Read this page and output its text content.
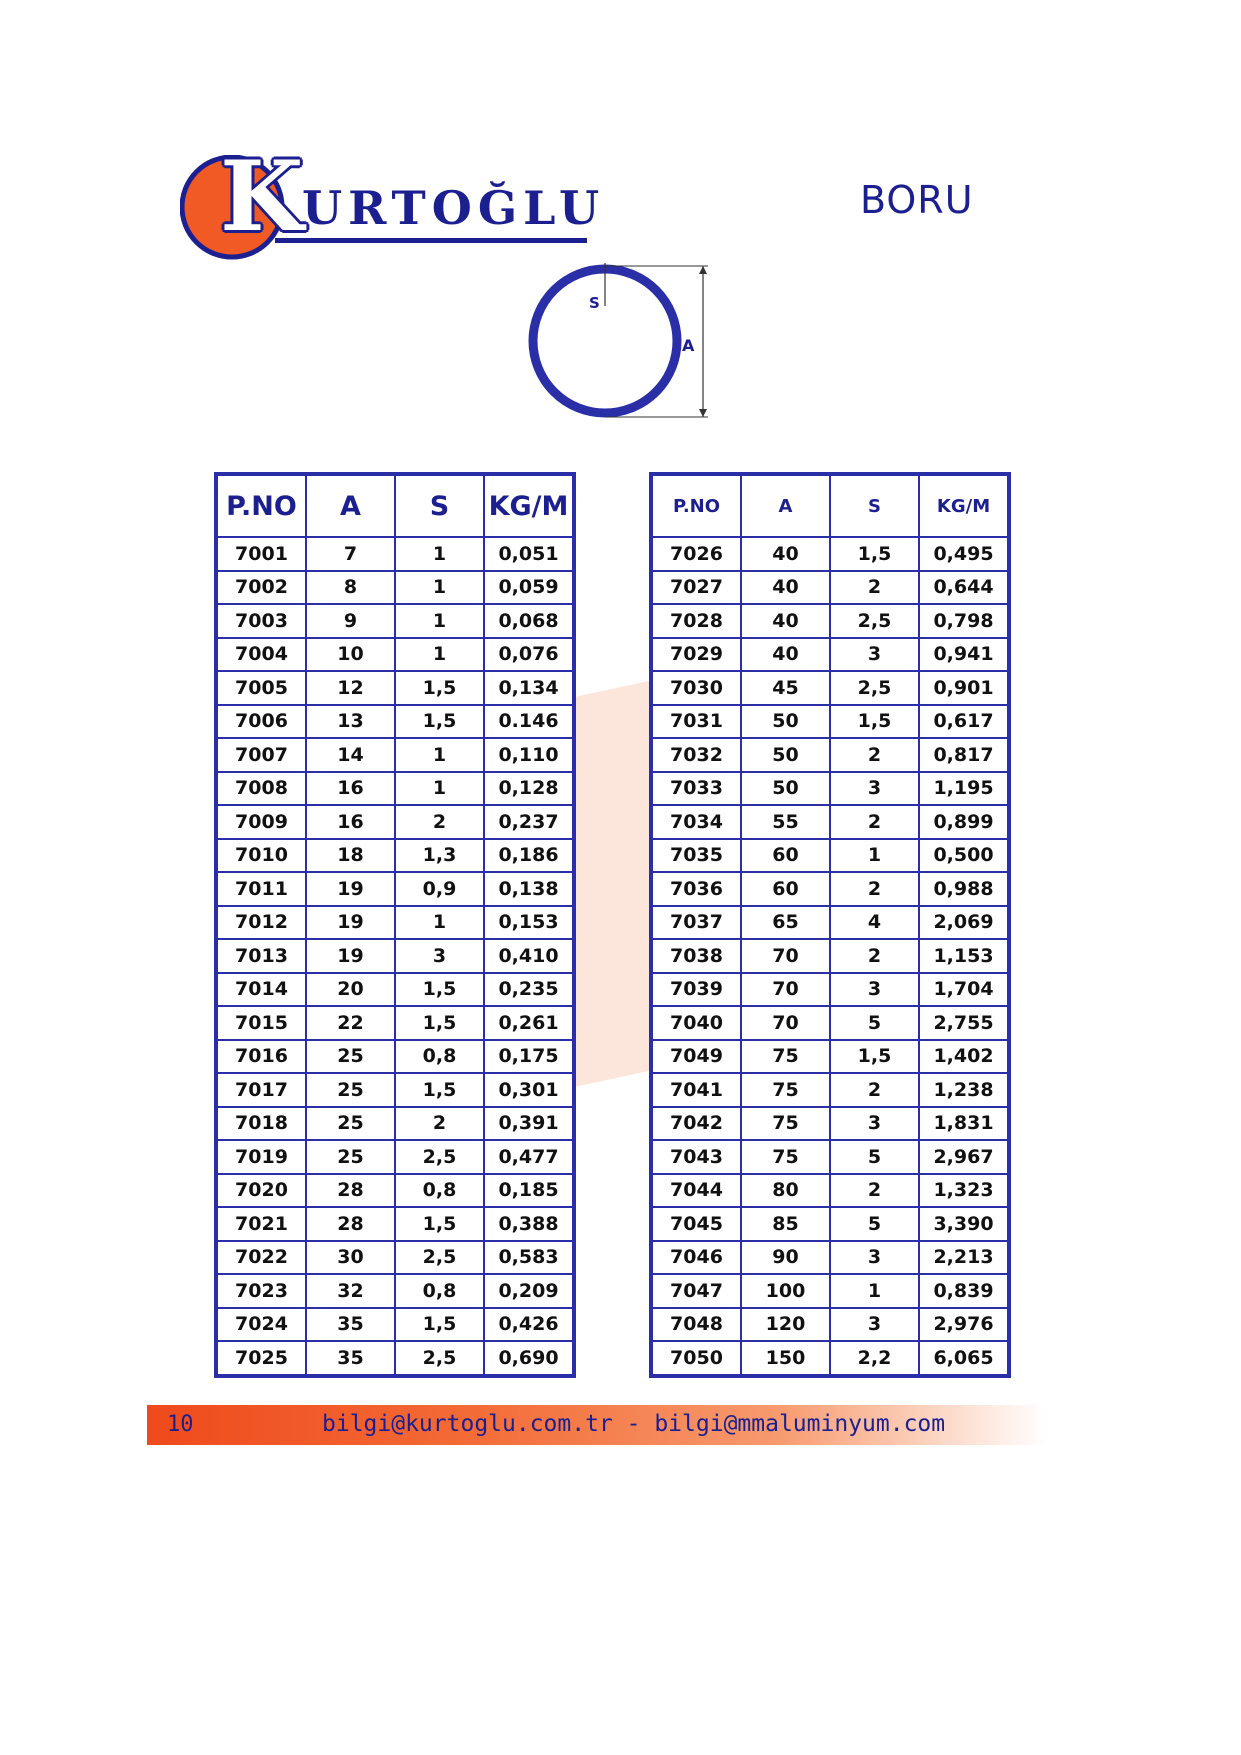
K
URTOĞLU	BORU
S
A
P.NO	A	S	KG/M
7001	7	1	0,051
7002	8	1	0,059
7003	9	1	0,068
7004	10	1	0,076
7005	12	1,5	0,134
7006	13	1,5	0.146
7007	14	1	0,110
7008	16	1	0,128
7009	16	2	0,237
7010	18	1,3	0,186
7011	19	0,9	0,138
7012	19	1	0,153
7013	19	3	0,410
7014	20	1,5	0,235
7015	22	1,5	0,261
7016	25	0,8	0,175
7017	25	1,5	0,301
7018	25	2	0,391
7019	25	2,5	0,477
7020	28	0,8	0,185
7021	28	1,5	0,388
7022	30	2,5	0,583
7023	32	0,8	0,209
7024	35	1,5	0,426
7025	35	2,5	0,690
P.NO	A	S	KG/M
7026	40	1,5	0,495
7027	40	2	0,644
7028	40	2,5	0,798
7029	40	3	0,941
7030	45	2,5	0,901
7031	50	1,5	0,617
7032	50	2	0,817
7033	50	3	1,195
7034	55	2	0,899
7035	60	1	0,500
7036	60	2	0,988
7037	65	4	2,069
7038	70	2	1,153
7039	70	3	1,704
7040	70	5	2,755
7049	75	1,5	1,402
7041	75	2	1,238
7042	75	3	1,831
7043	75	5	2,967
7044	80	2	1,323
7045	85	5	3,390
7046	90	3	2,213
7047	100	1	0,839
7048	120	3	2,976
7050	150	2,2	6,065
10	bilgi@kurtoglu.com.tr - bilgi@mmaluminyum.com
